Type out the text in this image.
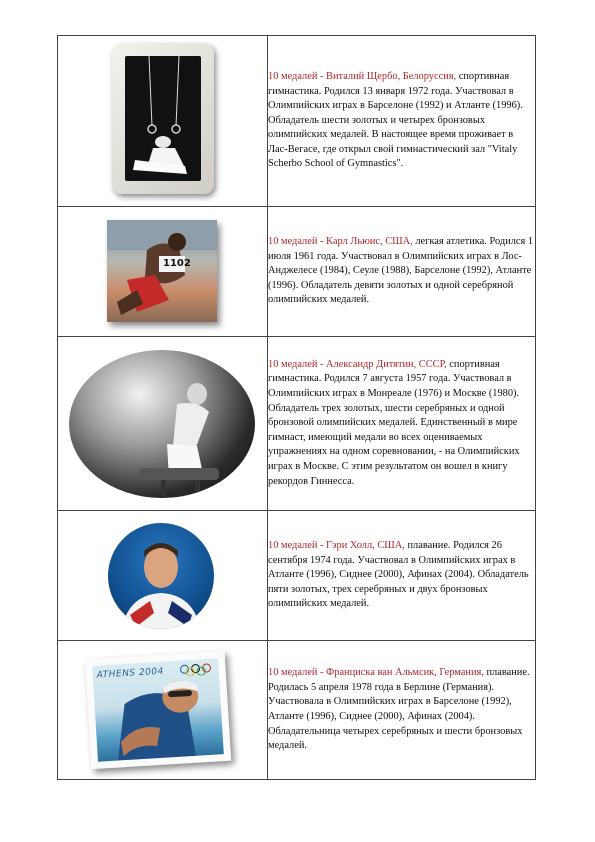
	10 медалей - Виталий Щербо, Белоруссия, спортивная гимнастика. Родился 13 января 1972 года. Участвовал в Олимпийских играх в Барселоне (1992) и Атланте (1996). Обладатель шести золотых и четырех бронзовых олимпийских медалей. В настоящее время проживает в Лас-Вегасе, где открыл свой гимнастический зал "Vitaly Scherbo School of Gymnastics".

1102	10 медалей - Карл Льюис, США, легкая атлетика. Родился 1 июля 1961 года. Участвовал в Олимпийских играх в Лос-Анджелесе (1984), Сеуле (1988), Барселоне (1992), Атланте (1996). Обладатель девяти золотых и одной серебряной олимпийских медалей.

	10 медалей - Александр Дитятин, СССР, спортивная гимнастика. Родился 7 августа 1957 года. Участвовал в Олимпийских играх в Монреале (1976) и Москве (1980). Обладатель трех золотых, шести серебряных и одной бронзовой олимпийских медалей. Единственный в мире гимнаст, имеющий медали во всех оцениваемых упражнениях на одном соревновании, - на Олимпийских играх в Москве. С этим результатом он вошел в книгу рекордов Гиннесса.

	10 медалей - Гэри Холл, США, плавание. Родился 26 сентября 1974 года. Участвовал в Олимпийских играх в Атланте (1996), Сиднее (2000), Афинах (2004). Обладатель пяти золотых, трех серебряных и двух бронзовых олимпийских медалей.

ATHENS 2004	10 медалей - Франциска ван Альмсик, Германия, плавание. Родилась 5 апреля 1978 года в Берлине (Германия). Участвовала в Олимпийских играх в Барселоне (1992), Атланте (1996), Сиднее (2000), Афинах (2004). Обладательница четырех серебряных и шести бронзовых медалей.
